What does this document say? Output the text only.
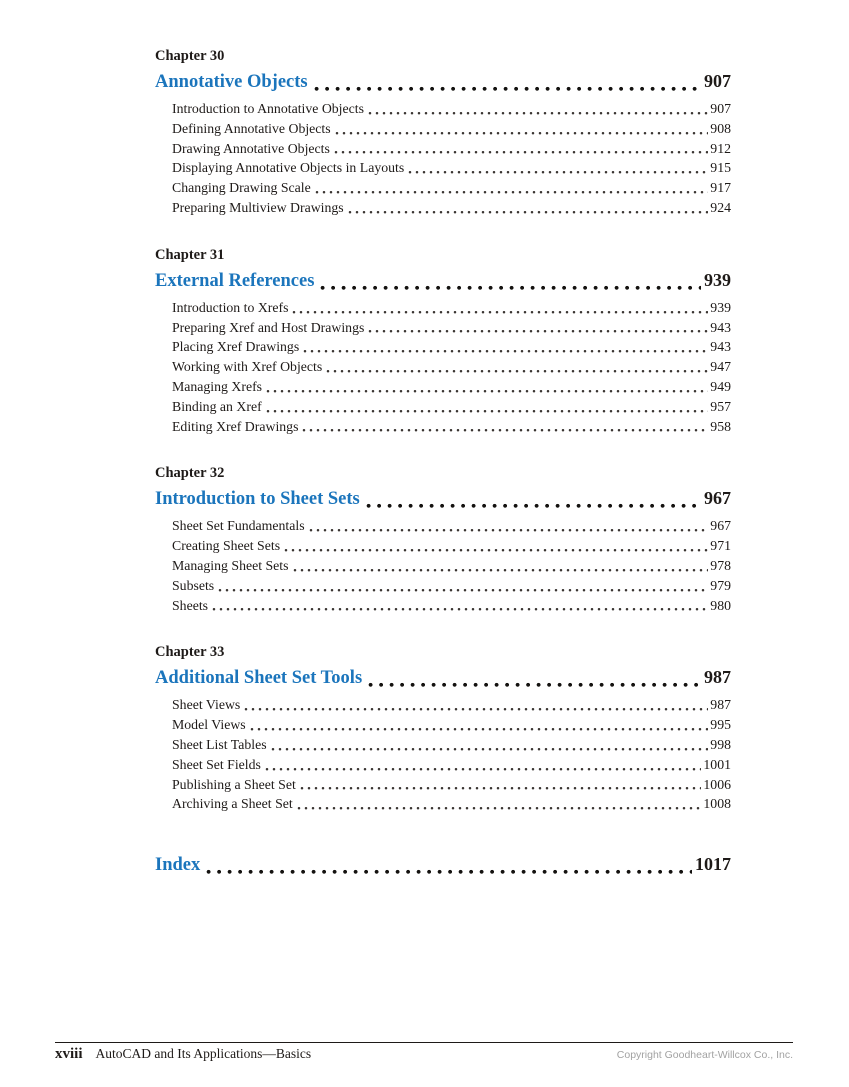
Chapter 30
Annotative Objects	907
Introduction to Annotative Objects	907
Defining Annotative Objects	908
Drawing Annotative Objects	912
Displaying Annotative Objects in Layouts	915
Changing Drawing Scale	917
Preparing Multiview Drawings	924
Chapter 31
External References	939
Introduction to Xrefs	939
Preparing Xref and Host Drawings	943
Placing Xref Drawings	943
Working with Xref Objects	947
Managing Xrefs	949
Binding an Xref	957
Editing Xref Drawings	958
Chapter 32
Introduction to Sheet Sets	967
Sheet Set Fundamentals	967
Creating Sheet Sets	971
Managing Sheet Sets	978
Subsets	979
Sheets	980
Chapter 33
Additional Sheet Set Tools	987
Sheet Views	987
Model Views	995
Sheet List Tables	998
Sheet Set Fields	1001
Publishing a Sheet Set	1006
Archiving a Sheet Set	1008
Index	1017
xviii AutoCAD and Its Applications—Basics	Copyright Goodheart-Willcox Co., Inc.
